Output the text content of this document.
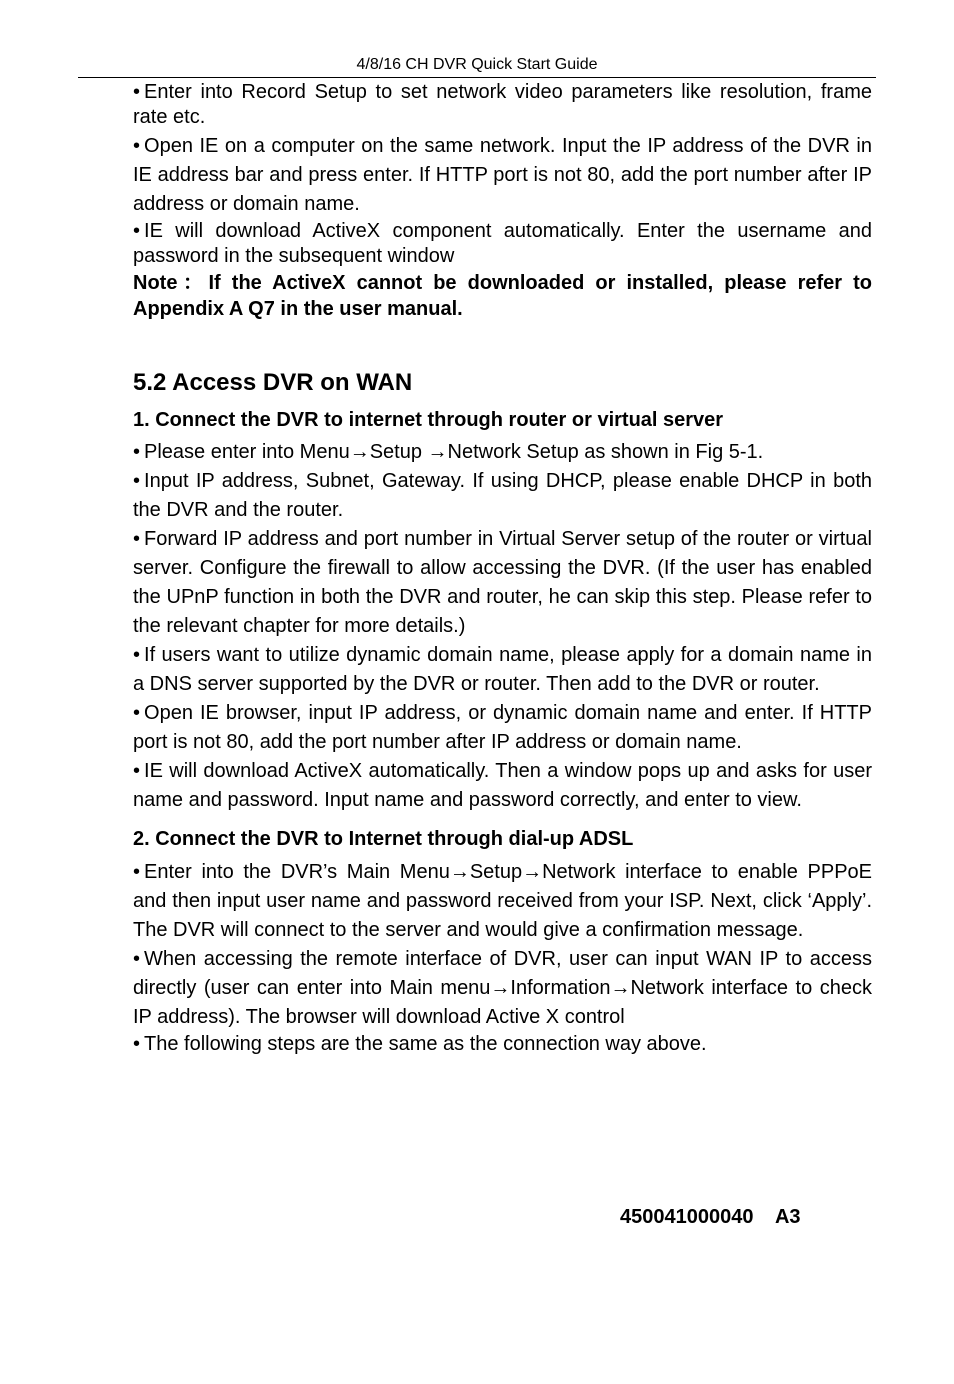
4/8/16 CH DVR Quick Start Guide

• Enter into Record Setup to set network video parameters like resolution, frame rate etc.

• Open IE on a computer on the same network. Input the IP address of the DVR in IE address bar and press enter. If HTTP port is not 80, add the port number after IP address or domain name.

• IE will download ActiveX component automatically. Enter the username and password in the subsequent window

Note：If the ActiveX cannot be downloaded or installed, please refer to Appendix A Q7 in the user manual.

5.2 Access DVR on WAN
1. Connect the DVR to internet through router or virtual server

• Please enter into Menu→Setup →Network Setup as shown in Fig 5-1.

• Input IP address, Subnet, Gateway. If using DHCP, please enable DHCP in both the DVR and the router.

• Forward IP address and port number in Virtual Server setup of the router or virtual server. Configure the firewall to allow accessing the DVR. (If the user has enabled the UPnP function in both the DVR and router, he can skip this step. Please refer to the relevant chapter for more details.)

• If users want to utilize dynamic domain name, please apply for a domain name in a DNS server supported by the DVR or router. Then add to the DVR or router.

• Open IE browser, input IP address, or dynamic domain name and enter. If HTTP port is not 80, add the port number after IP address or domain name.

• IE will download ActiveX automatically. Then a window pops up and asks for user name and password. Input name and password correctly, and enter to view.

2. Connect the DVR to Internet through dial-up ADSL

• Enter into the DVR’s Main Menu→Setup→Network interface to enable PPPoE and then input user name and password received from your ISP. Next, click ‘Apply’. The DVR will connect to the server and would give a confirmation message.

• When accessing the remote interface of DVR, user can input WAN IP to access directly (user can enter into Main menu→Information→Network interface to check IP address). The browser will download Active X control

• The following steps are the same as the connection way above.

450041000040    A3
